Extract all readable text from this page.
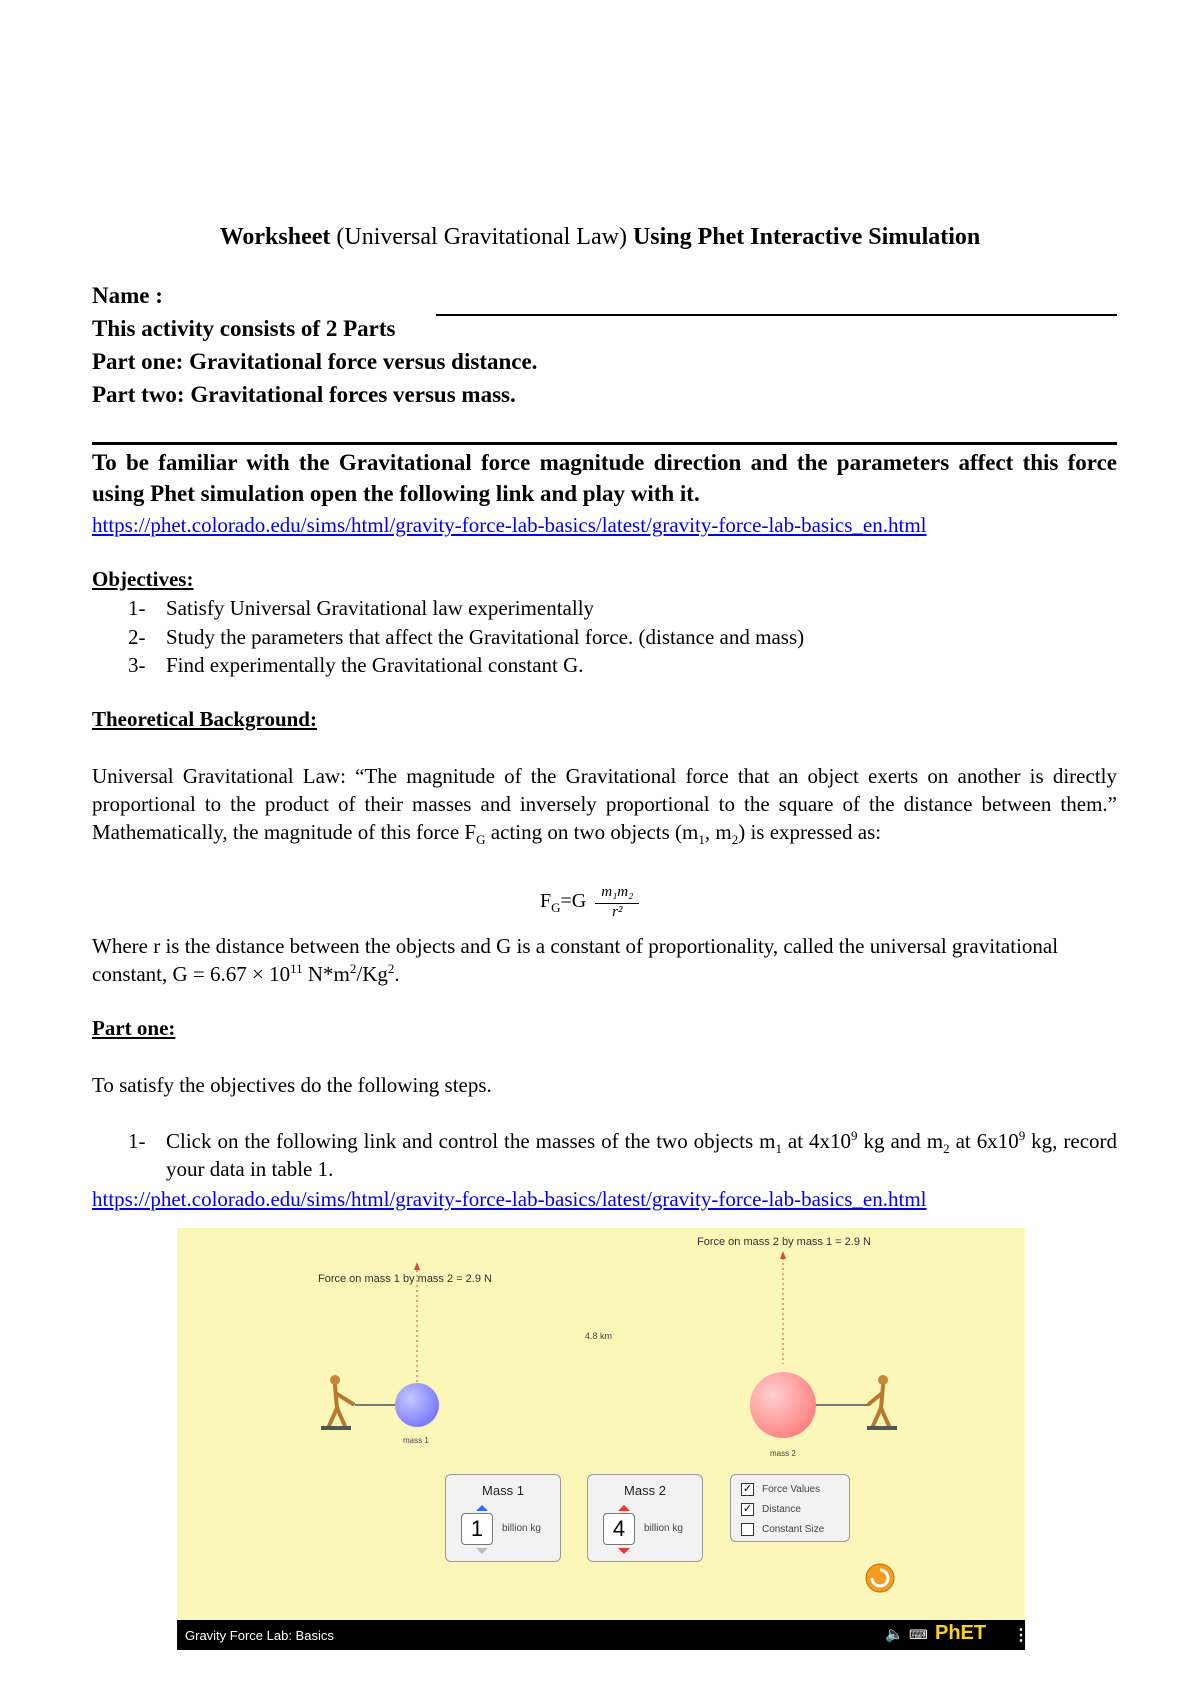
Worksheet (Universal Gravitational Law) Using Phet Interactive Simulation
Name :
This activity consists of 2 Parts
Part one: Gravitational force versus distance.
Part two: Gravitational forces versus mass.
To be familiar with the Gravitational force magnitude direction and the parameters affect this force using Phet simulation open the following link and play with it.
https://phet.colorado.edu/sims/html/gravity-force-lab-basics/latest/gravity-force-lab-basics_en.html
Objectives:
1- Satisfy Universal Gravitational law experimentally
2- Study the parameters that affect the Gravitational force. (distance and mass)
3- Find experimentally the Gravitational constant G.
Theoretical Background:
Universal Gravitational Law: “The magnitude of the Gravitational force that an object exerts on another is directly proportional to the product of their masses and inversely proportional to the square of the distance between them.” Mathematically, the magnitude of this force $F_G$ acting on two objects ($m_1$, $m_2$) is expressed as:
$F_G=G \frac{\text{m₁m₂}}{\text{r²}}$
Where r is the distance between the objects and G is a constant of proportionality, called the universal gravitational constant, $G = 6.67 \times 10^{11}$ $N*m^2/Kg^2$.
Part one:
To satisfy the objectives do the following steps.
1- Click on the following link and control the masses of the two objects $m_1$ at $4x10^9$ kg and $m_2$ at $6x10^9$ kg, record your data in table 1.
https://phet.colorado.edu/sims/html/gravity-force-lab-basics/latest/gravity-force-lab-basics_en.html
Force on mass 1 by mass 2 = 2.9 N
Force on mass 2 by mass 1 = 2.9 N
4.8 km
mass 1
mass 2
Mass 1
1	billion kg
Mass 2
4	billion kg
✓ Force Values
✓ Distance
Constant Size
Gravity Force Lab: Basics	🔈 ⌨ PhET ⋮
